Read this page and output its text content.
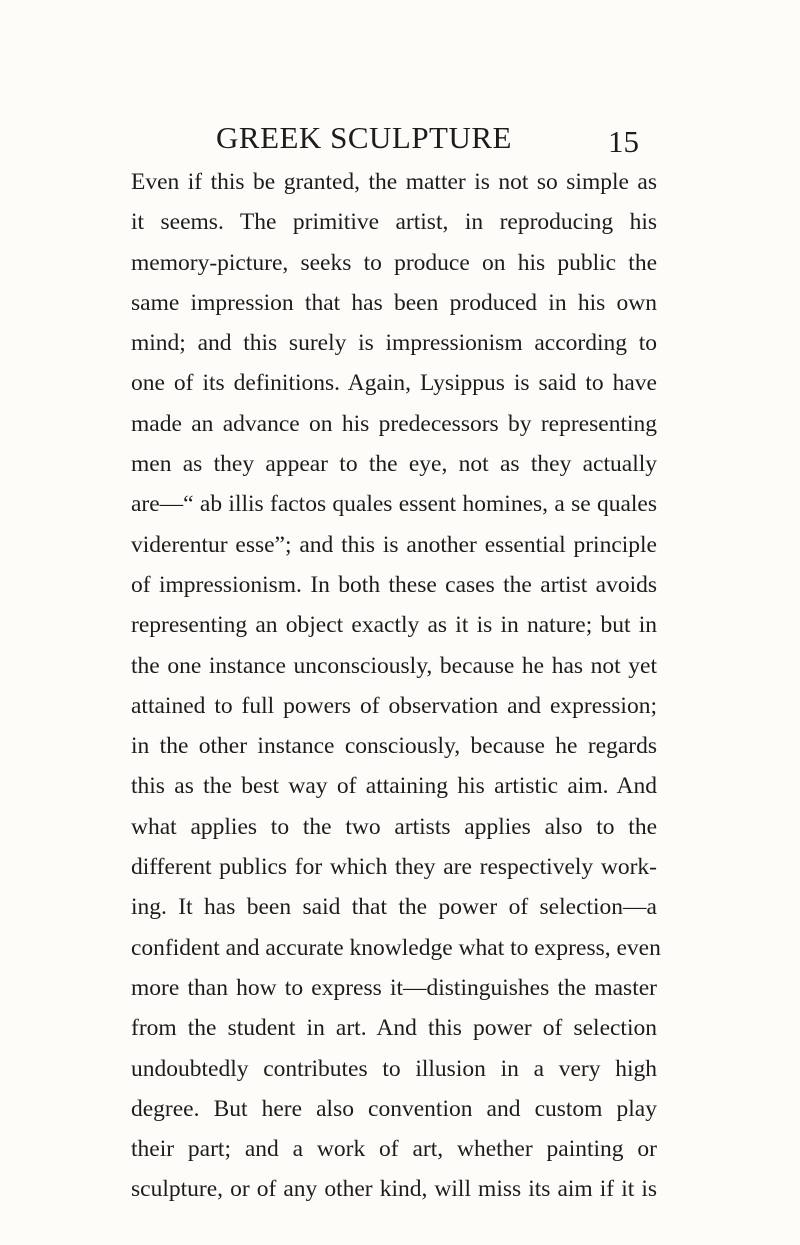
GREEK SCULPTURE	15
Even if this be granted, the matter is not so simple as
it seems. The primitive artist, in reproducing his
memory-picture, seeks to produce on his public the
same impression that has been produced in his own
mind; and this surely is impressionism according to
one of its definitions. Again, Lysippus is said to have
made an advance on his predecessors by representing
men as they appear to the eye, not as they actually
are—“ ab illis factos quales essent homines, a se quales
viderentur esse”; and this is another essential principle
of impressionism. In both these cases the artist avoids
representing an object exactly as it is in nature; but in
the one instance unconsciously, because he has not yet
attained to full powers of observation and expression;
in the other instance consciously, because he regards
this as the best way of attaining his artistic aim. And
what applies to the two artists applies also to the
different publics for which they are respectively work-
ing. It has been said that the power of selection—a
confident and accurate knowledge what to express, even
more than how to express it—distinguishes the master
from the student in art. And this power of selection
undoubtedly contributes to illusion in a very high
degree. But here also convention and custom play
their part; and a work of art, whether painting or
sculpture, or of any other kind, will miss its aim if it is
